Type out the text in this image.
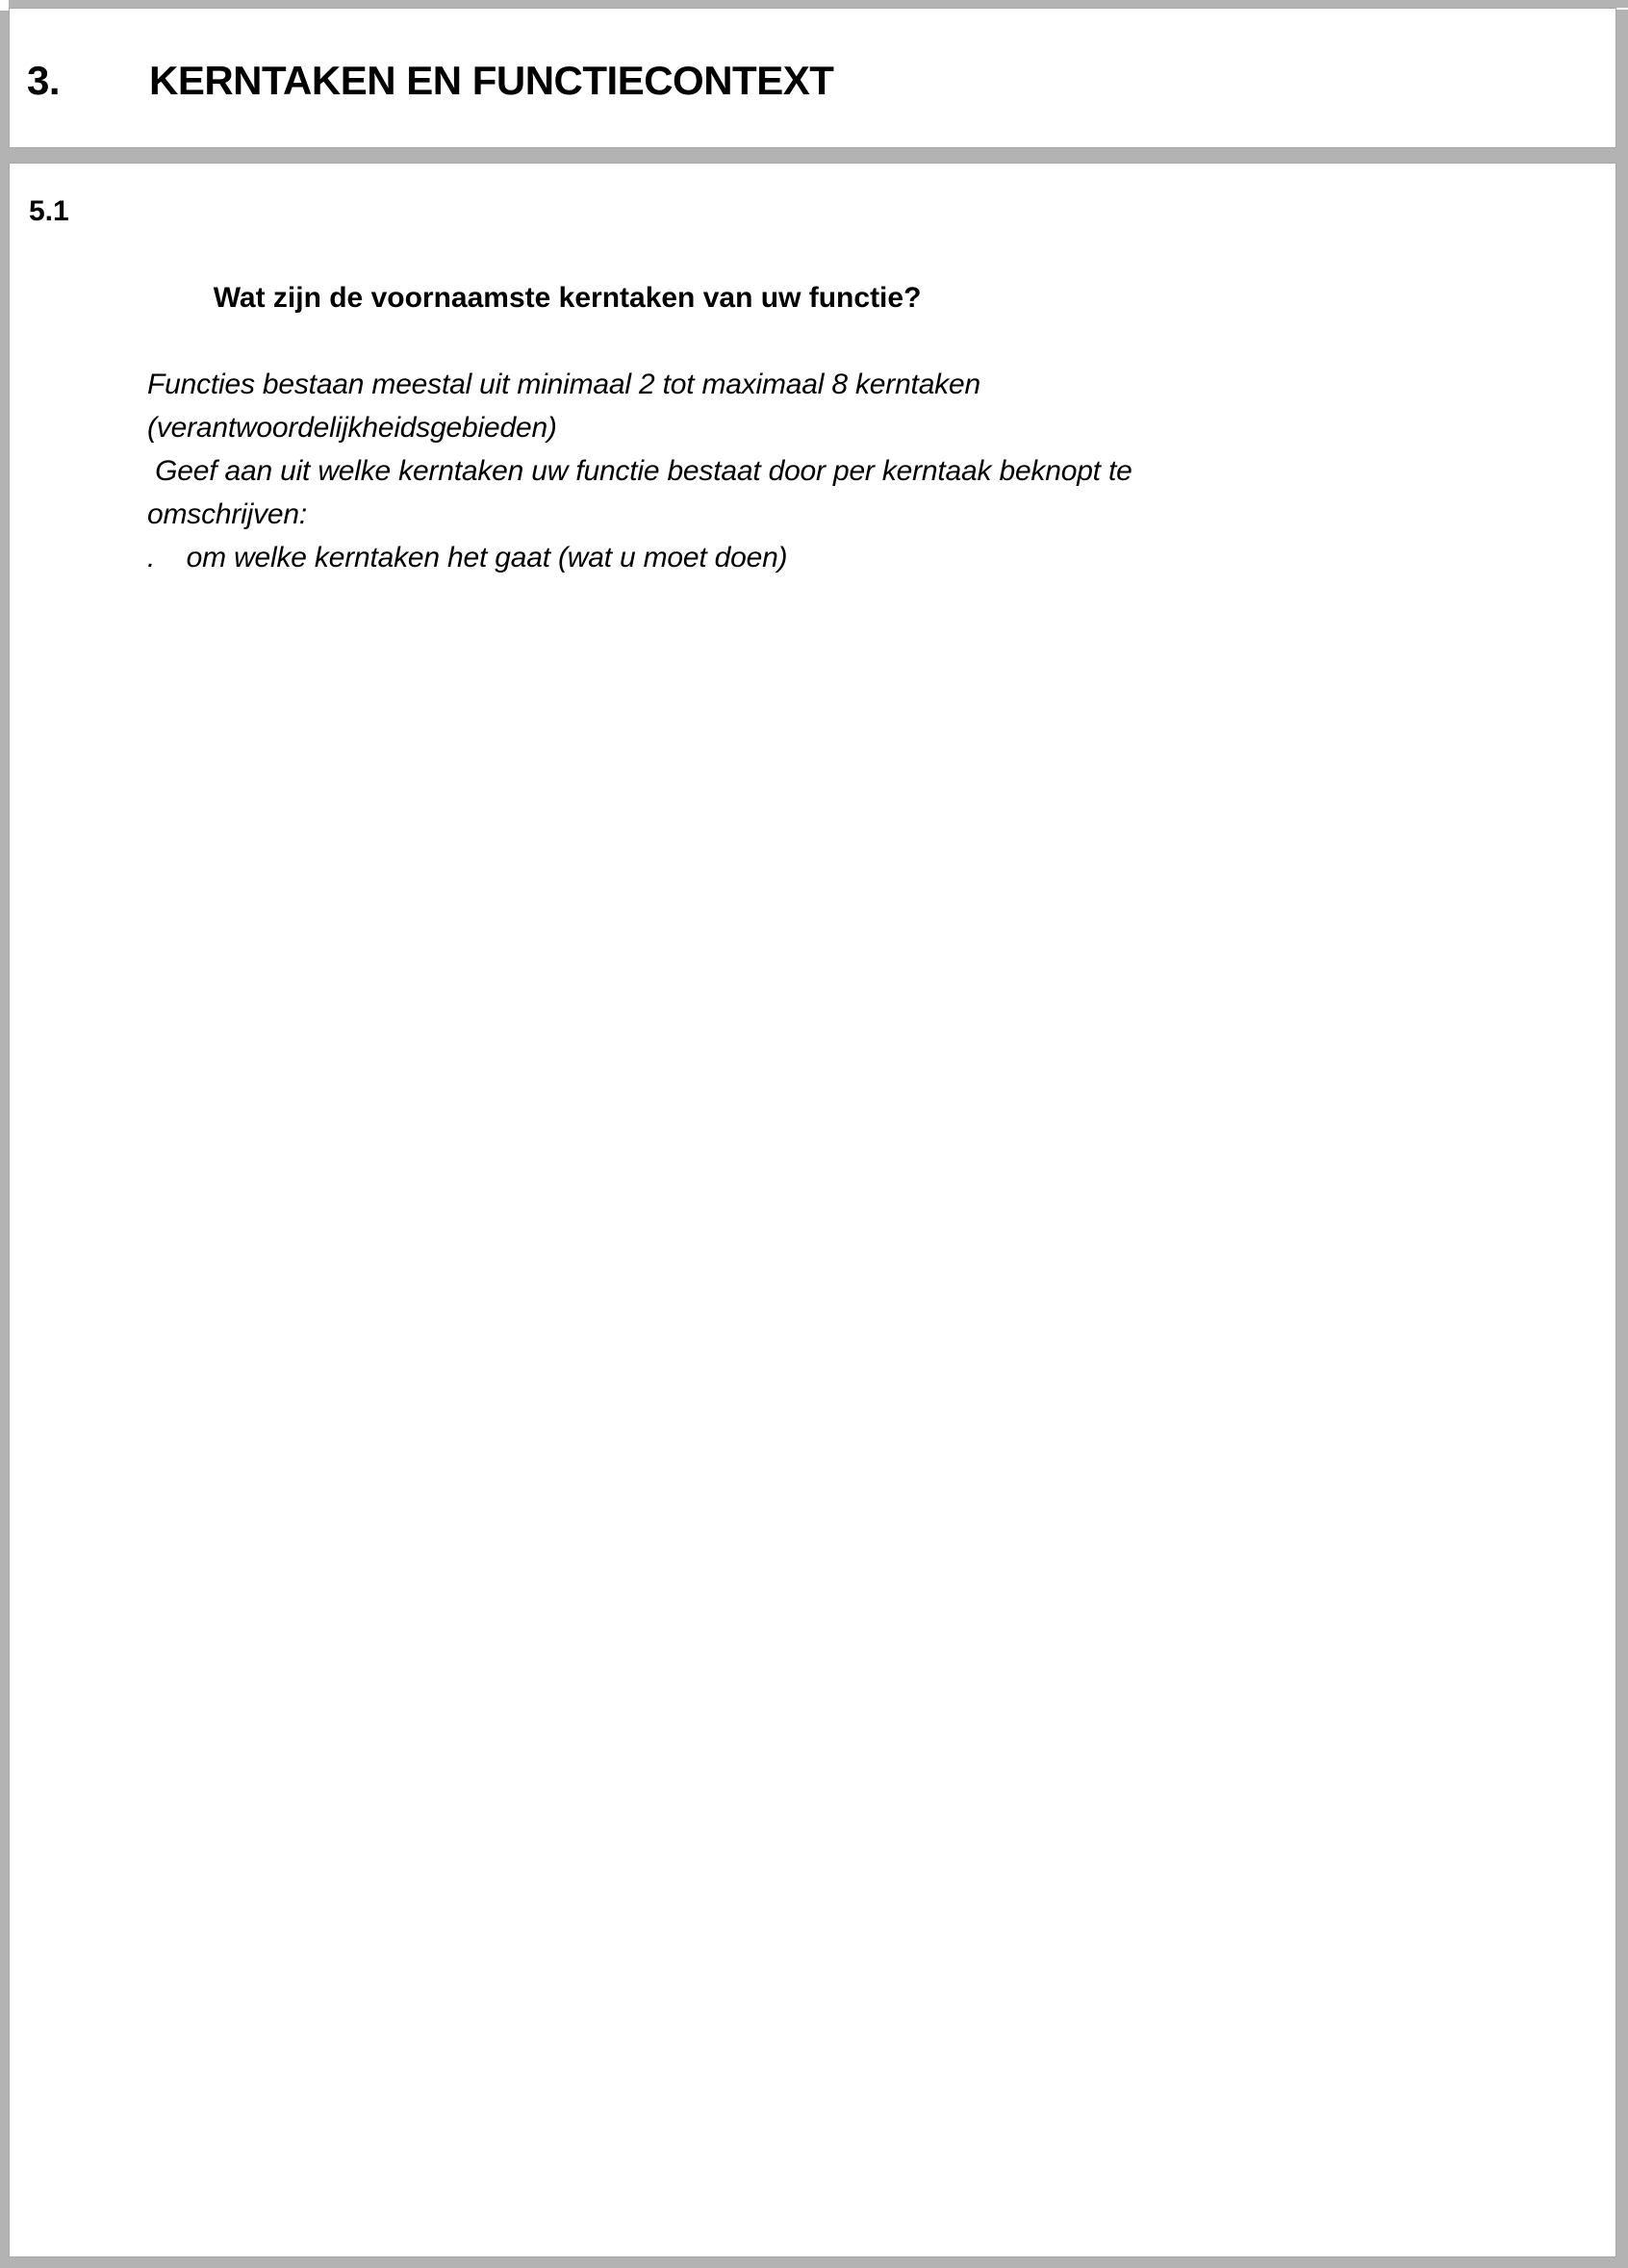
3. KERNTAKEN EN FUNCTIECONTEXT

5.1

Wat zijn de voornaamste kerntaken van uw functie?

Functies bestaan meestal uit minimaal 2 tot maximaal 8 kerntaken
(verantwoordelijkheidsgebieden)
Geef aan uit welke kerntaken uw functie bestaat door per kerntaak beknopt te
omschrijven:
.    om welke kerntaken het gaat (wat u moet doen)
